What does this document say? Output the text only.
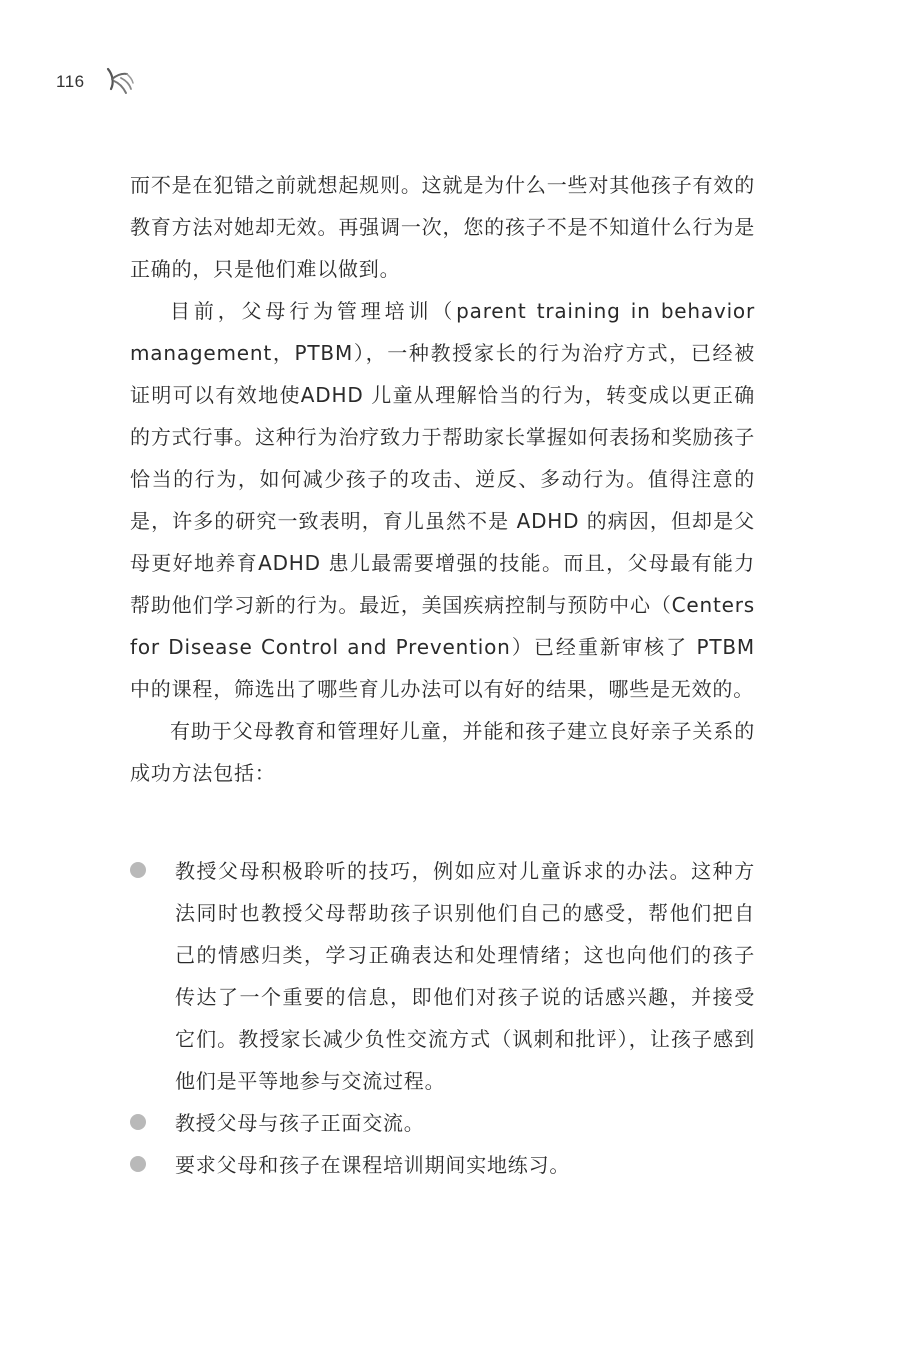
116

而不是在犯错之前就想起规则。这就是为什么一些对其他孩子有效的教育方法对她却无效。再强调一次，您的孩子不是不知道什么行为是正确的，只是他们难以做到。

目前，父母行为管理培训（parent training in behavior management，PTBM），一种教授家长的行为治疗方式，已经被证明可以有效地使ADHD 儿童从理解恰当的行为，转变成以更正确的方式行事。这种行为治疗致力于帮助家长掌握如何表扬和奖励孩子恰当的行为，如何减少孩子的攻击、逆反、多动行为。值得注意的是，许多的研究一致表明，育儿虽然不是 ADHD 的病因，但却是父母更好地养育ADHD 患儿最需要增强的技能。而且，父母最有能力帮助他们学习新的行为。最近，美国疾病控制与预防中心（Centers for Disease Control and Prevention）已经重新审核了 PTBM 中的课程，筛选出了哪些育儿办法可以有好的结果，哪些是无效的。

有助于父母教育和管理好儿童，并能和孩子建立良好亲子关系的成功方法包括：

教授父母积极聆听的技巧，例如应对儿童诉求的办法。这种方法同时也教授父母帮助孩子识别他们自己的感受，帮他们把自己的情感归类，学习正确表达和处理情绪；这也向他们的孩子传达了一个重要的信息，即他们对孩子说的话感兴趣，并接受它们。教授家长减少负性交流方式（讽刺和批评），让孩子感到他们是平等地参与交流过程。
教授父母与孩子正面交流。
要求父母和孩子在课程培训期间实地练习。
